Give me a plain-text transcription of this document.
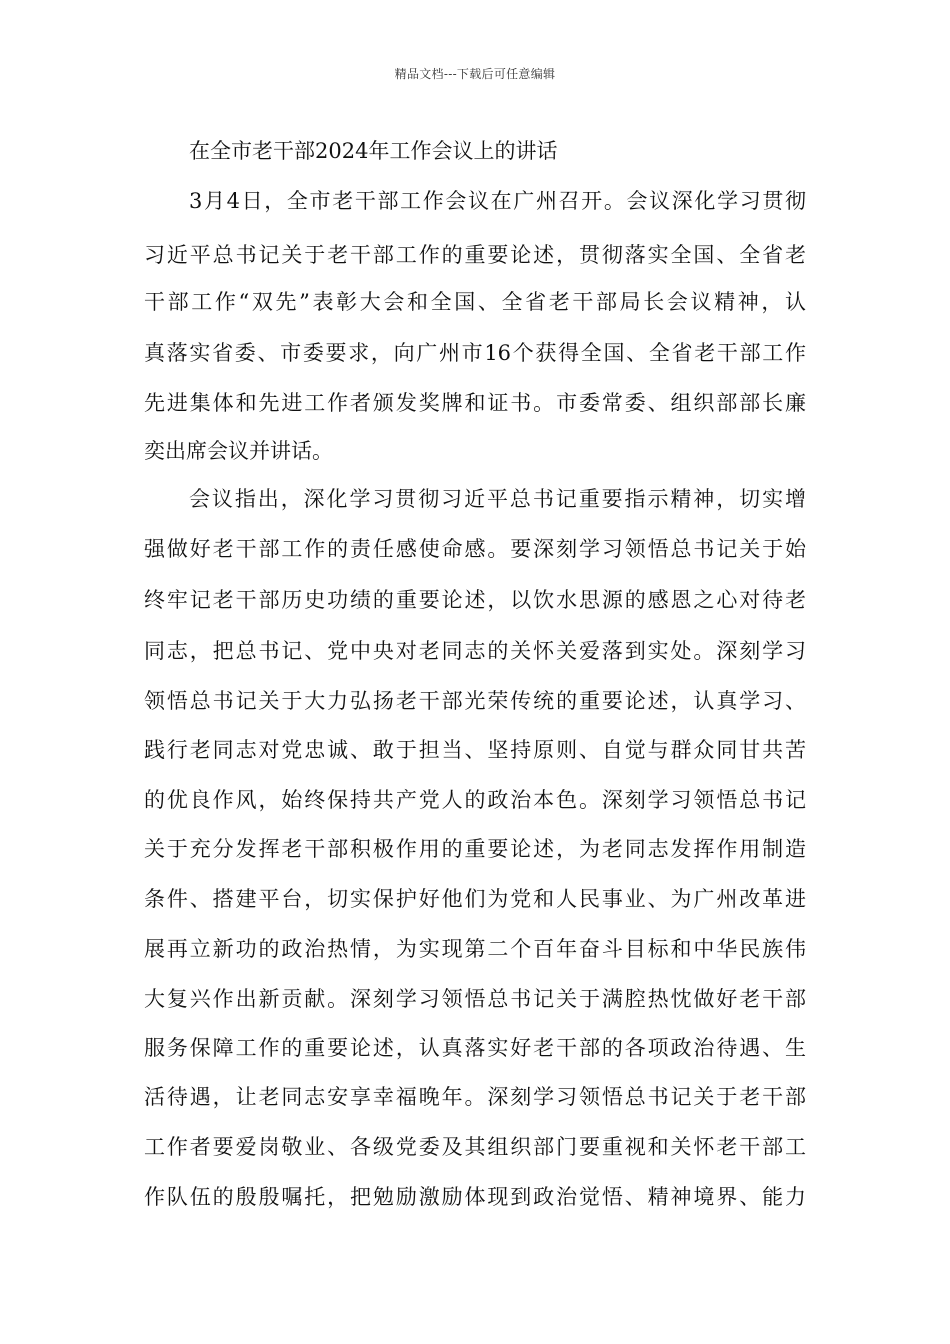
精品文档---下载后可任意编辑
在全市老干部2024年工作会议上的讲话
3月4日，全市老干部工作会议在广州召开。会议深化学习贯彻
习近平总书记关于老干部工作的重要论述，贯彻落实全国、全省老
干部工作“双先”表彰大会和全国、全省老干部局长会议精神，认
真落实省委、市委要求，向广州市16个获得全国、全省老干部工作
先进集体和先进工作者颁发奖牌和证书。市委常委、组织部部长廉
奕出席会议并讲话。
会议指出，深化学习贯彻习近平总书记重要指示精神，切实增
强做好老干部工作的责任感使命感。要深刻学习领悟总书记关于始
终牢记老干部历史功绩的重要论述，以饮水思源的感恩之心对待老
同志，把总书记、党中央对老同志的关怀关爱落到实处。深刻学习
领悟总书记关于大力弘扬老干部光荣传统的重要论述，认真学习、
践行老同志对党忠诚、敢于担当、坚持原则、自觉与群众同甘共苦
的优良作风，始终保持共产党人的政治本色。深刻学习领悟总书记
关于充分发挥老干部积极作用的重要论述，为老同志发挥作用制造
条件、搭建平台，切实保护好他们为党和人民事业、为广州改革进
展再立新功的政治热情，为实现第二个百年奋斗目标和中华民族伟
大复兴作出新贡献。深刻学习领悟总书记关于满腔热忱做好老干部
服务保障工作的重要论述，认真落实好老干部的各项政治待遇、生
活待遇，让老同志安享幸福晚年。深刻学习领悟总书记关于老干部
工作者要爱岗敬业、各级党委及其组织部门要重视和关怀老干部工
作队伍的殷殷嘱托，把勉励激励体现到政治觉悟、精神境界、能力
